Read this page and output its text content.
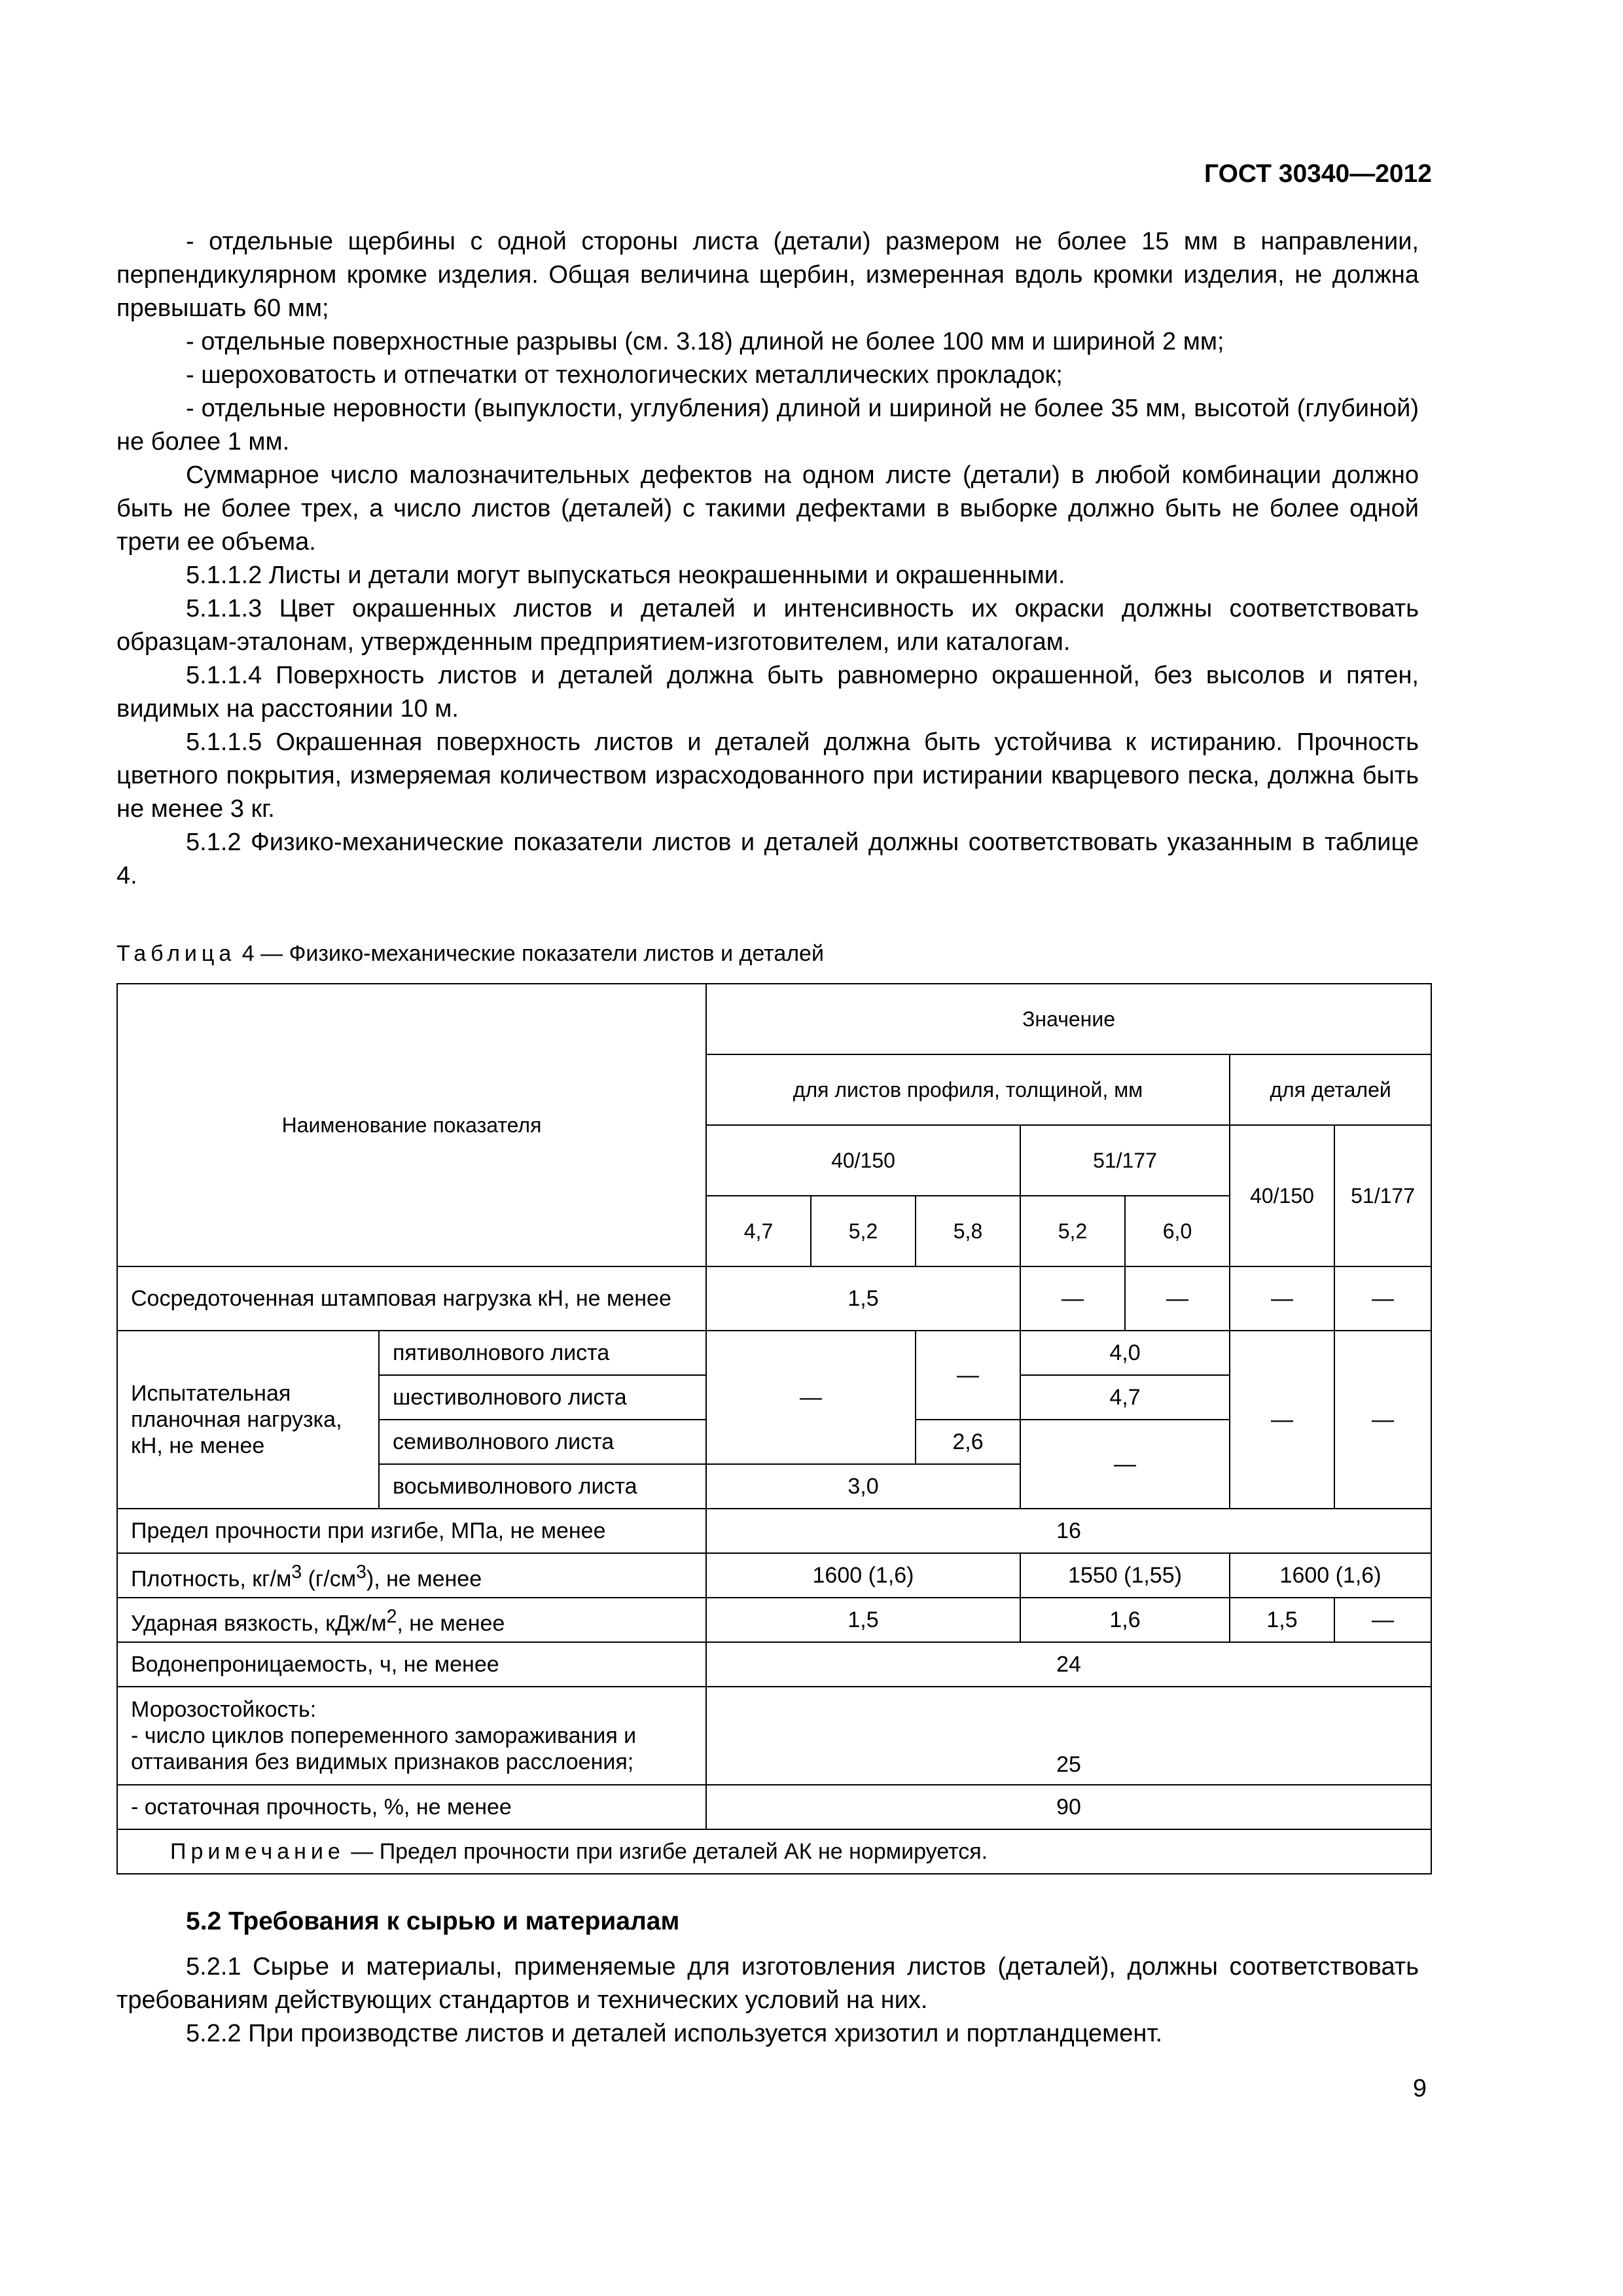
ГОСТ 30340—2012

- отдельные щербины с одной стороны листа (детали) размером не более 15 мм в направлении, перпендикулярном кромке изделия. Общая величина щербин, измеренная вдоль кромки изделия, не должна превышать 60 мм;

- отдельные поверхностные разрывы (см. 3.18) длиной не более 100 мм и шириной 2 мм;

- шероховатость и отпечатки от технологических металлических прокладок;

- отдельные неровности (выпуклости, углубления) длиной и шириной не более 35 мм, высотой (глубиной) не более 1 мм.

Суммарное число малозначительных дефектов на одном листе (детали) в любой комбинации должно быть не более трех, а число листов (деталей) с такими дефектами в выборке должно быть не более одной трети ее объема.

5.1.1.2 Листы и детали могут выпускаться неокрашенными и окрашенными.

5.1.1.3 Цвет окрашенных листов и деталей и интенсивность их окраски должны соответствовать образцам-эталонам, утвержденным предприятием-изготовителем, или каталогам.

5.1.1.4 Поверхность листов и деталей должна быть равномерно окрашенной, без высолов и пятен, видимых на расстоянии 10 м.

5.1.1.5 Окрашенная поверхность листов и деталей должна быть устойчива к истиранию. Прочность цветного покрытия, измеряемая количеством израсходованного при истирании кварцевого песка, должна быть не менее 3 кг.

5.1.2 Физико-механические показатели листов и деталей должны соответствовать указанным в таблице 4.

Таблица 4 — Физико-механические показатели листов и деталей
Наименование показателя		Значение						
		для листов профиля, толщиной, мм					для деталей	
		40/150			51/177		40/150	51/177
		4,7	5,2	5,8	5,2	6,0		
Сосредоточенная штамповая нагрузка кН, не менее		1,5			—	—	—	—
Испытательная планочная нагрузка, кН, не менее	пятиволнового листа	—		—	4,0		—	—
	шестиволнового листа				4,7			
	семиволнового листа			2,6	—			
	восьмиволнового листа	3,0						
Предел прочности при изгибе, МПа, не менее		16						
Плотность, $кг/м^3$ $(г/см^3)$, не менее		1600 (1,6)			1550 (1,55)		1600 (1,6)	
Ударная вязкость, кДж/$м^2$, не менее		1,5			1,6		1,5	—
Водонепроницаемость, ч, не менее		24						

Морозостойкость:
- число циклов попеременного замораживания и оттаивания без видимых признаков расслоения;		25						
- остаточная прочность, %, не менее		90						
Примечание — Предел прочности при изгибе деталей АК не нормируется.								
5.2 Требования к сырью и материалам

5.2.1 Сырье и материалы, применяемые для изготовления листов (деталей), должны соответствовать требованиям действующих стандартов и технических условий на них.

5.2.2 При производстве листов и деталей используется хризотил и портландцемент.

9
